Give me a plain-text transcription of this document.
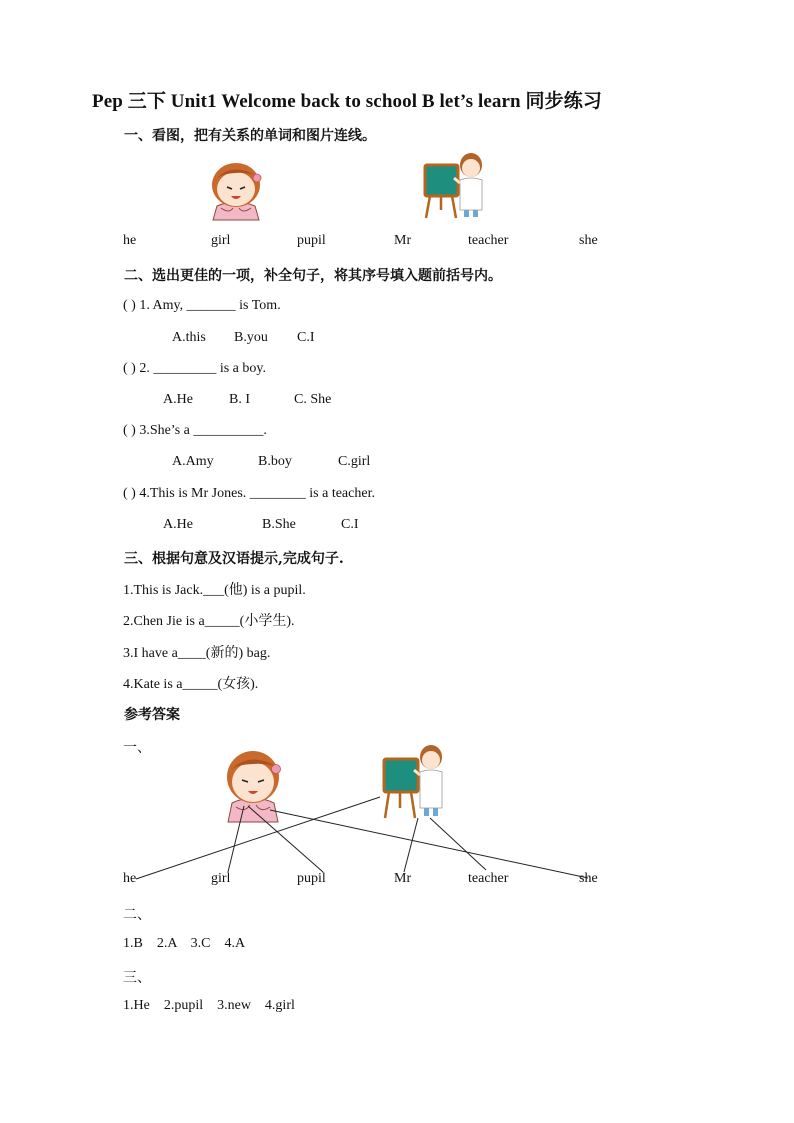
Pep 三下 Unit1 Welcome back to school B let’s learn 同步练习
一、看图，把有关系的单词和图片连线。
he	girl	pupil	Mr	teacher	she
二、选出更佳的一项，补全句子，将其序号填入题前括号内。
( ) 1. Amy, _______ is Tom.
A.this B.you C.I
( ) 2. _________ is a boy.
A.He	B. I	C. She
( ) 3.She’s a __________.
A.Amy	B.boy	C.girl
( ) 4.This is Mr Jones. ________ is a teacher.
A.He	B.She	C.I
三、根据句意及汉语提示,完成句子.
1.This is Jack.___(他) is a pupil.
2.Chen Jie is a_____(小学生).
3.I have a____(新的) bag.
4.Kate is a_____(女孩).
参考答案
一、
he	girl	pupil	Mr	teacher	she
二、
1.B    2.A    3.C    4.A
三、
1.He    2.pupil    3.new    4.girl
